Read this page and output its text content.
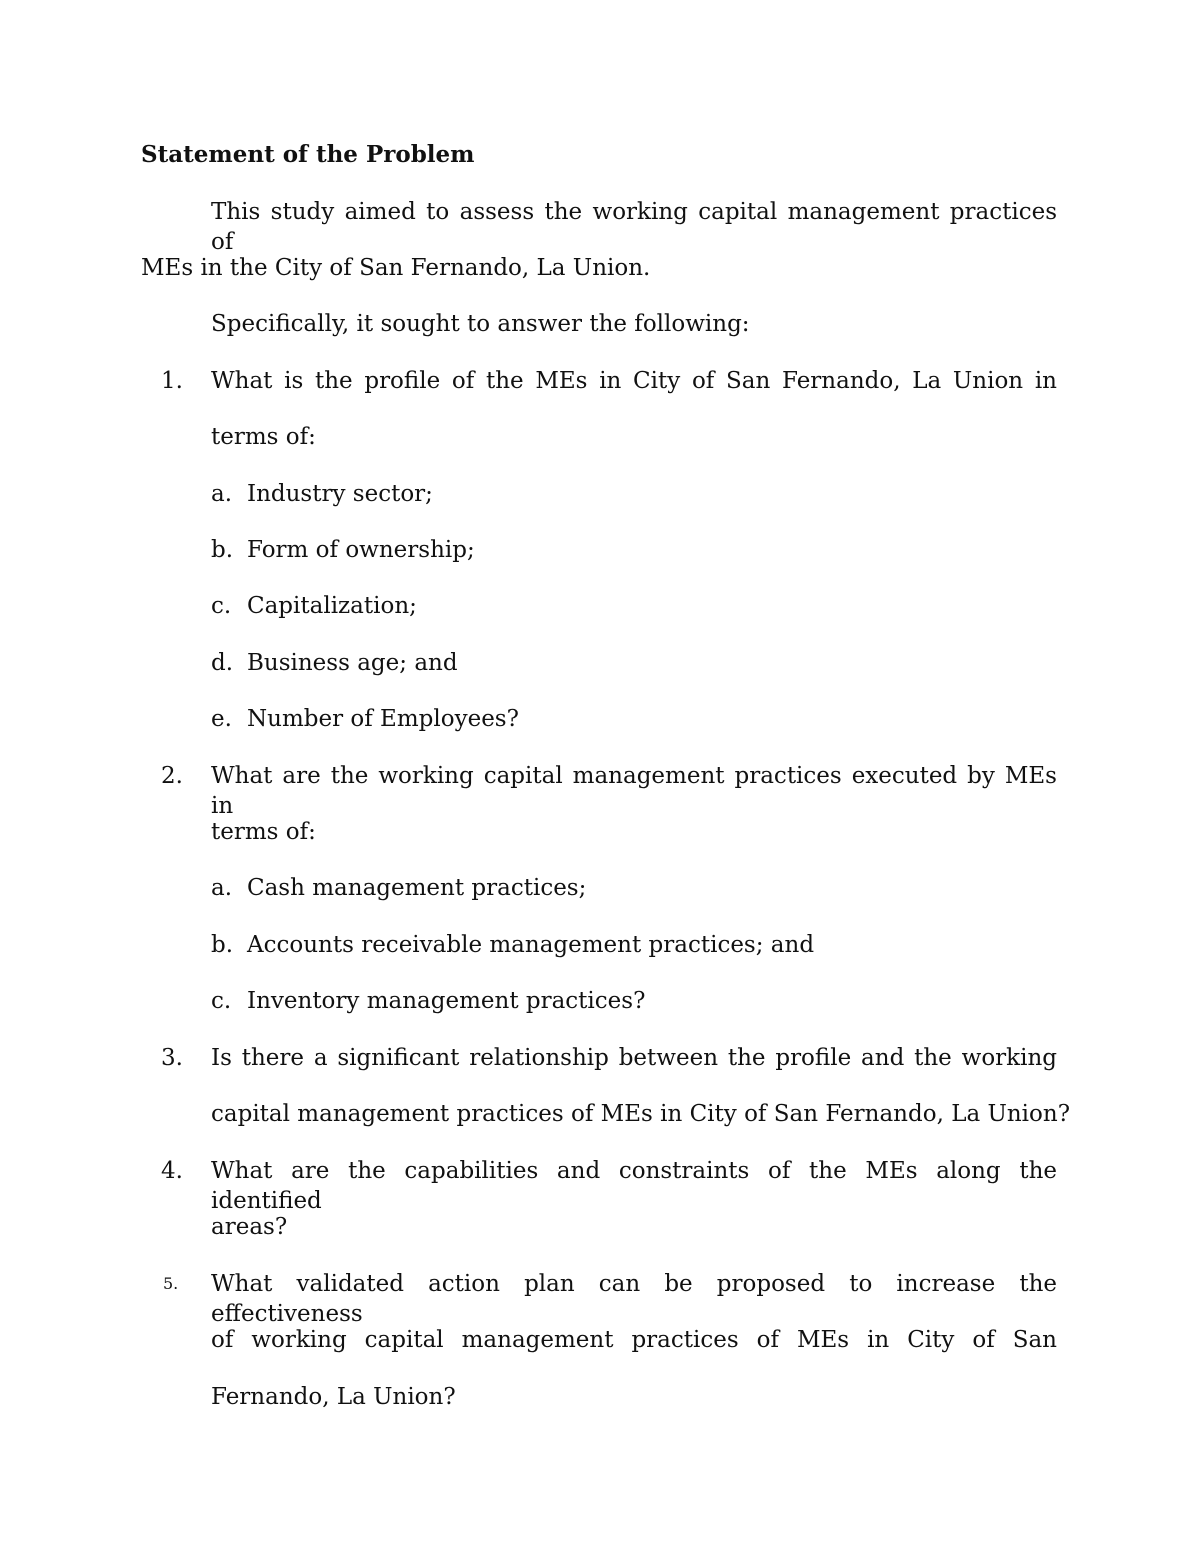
Statement of the Problem
This study aimed to assess the working capital management practices of
MEs in the City of San Fernando, La Union.
Specifically, it sought to answer the following:
1. What is the profile of the MEs in City of San Fernando, La Union in
terms of:
a. Industry sector;
b. Form of ownership;
c. Capitalization;
d. Business age; and
e. Number of Employees?
2. What are the working capital management practices executed by MEs in
terms of:
a. Cash management practices;
b. Accounts receivable management practices; and
c. Inventory management practices?
3. Is there a significant relationship between the profile and the working
capital management practices of MEs in City of San Fernando, La Union?
4. What are the capabilities and constraints of the MEs along the identified
areas?
5. What validated action plan can be proposed to increase the effectiveness
of working capital management practices of MEs in City of San
Fernando, La Union?
